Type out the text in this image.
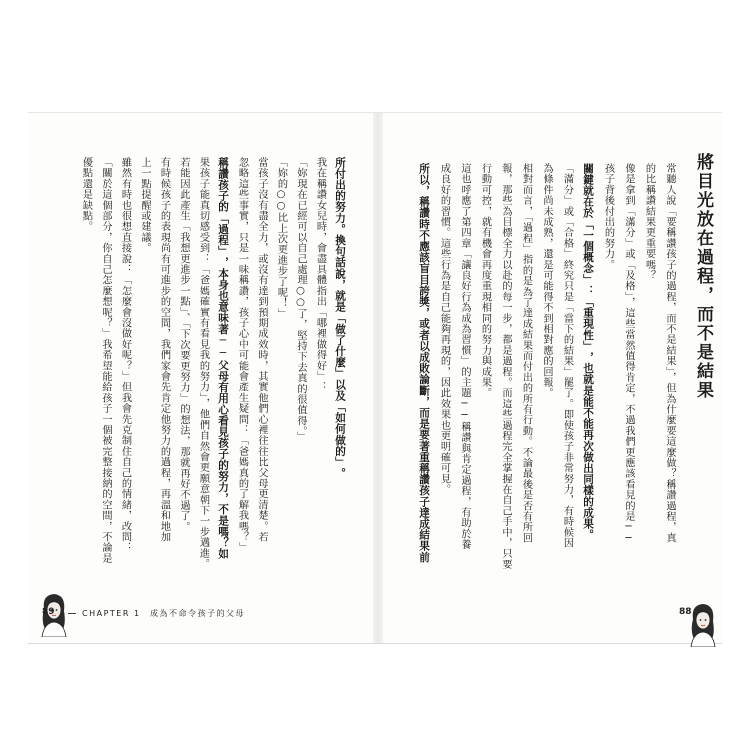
所付出的努力。換句話說，就是「做了什麼」以及「如何做的」。
我在稱讚女兒時，會盡具體指出「哪裡做得好」：
「妳現在已經可以自己處理○○了，堅持下去真的很值得。」
「妳的○○比上次更進步了呢！」
當孩子沒有盡全力，或沒有達到預期成效時，其實他們心裡往往比父母更清楚。若
忽略這些事實，只是一味稱讚，孩子心中可能會產生疑問：「爸媽真的了解我嗎？」
稱讚孩子的「過程」，本身也意味著──父母有用心看見孩子的努力，不是嗎？如
果孩子能真切感受到：「爸媽確實有看見我的努力」，他們自然會更願意朝下一步邁進。
若能因此產生「我想更進步一點」、「下次要更努力」的想法，那就再好不過了。
有時候孩子的表現尚有可進步的空間，我們家會先肯定他努力的過程，再溫和地加
上一點提醒或建議。
雖然有時也很想直接說：「怎麼會沒做好呢？」但我會先克制住自己的情緒，改問：
「關於這個部分，你自己怎麼想呢？」我希望能給孩子一個被完整接納的空間，不論是
優點還是缺點。
89	CHAPTER 1　成為不命令孩子的父母
將目光放在過程，而不是結果
常聽人說「要稱讚孩子的過程，而不是結果」，但為什麼要這麼做？稱讚過程，真
的比稱讚結果更重要嗎？
像是拿到「滿分」或「及格」，這些當然值得肯定，不過我們更應該看見的是──
孩子背後付出的努力。
關鍵就在於「一個概念」：「重現性」，也就是能不能再次做出同樣的成果。
「滿分」或「合格」終究只是「當下的結果」罷了。即使孩子非常努力，有時候因
為條件尚未成熟，還是可能得不到相對應的回報。
相對而言，「過程」指的是為了達成結果而付出的所有行動。不論最後是否有所回
報，那些為目標全力以赴的每一步，都是過程。而這些過程完全掌握在自己手中，只要
行動可控，就有機會再度重現相同的努力與成果。
這也呼應了第四章「讓良好行為成為習慣」的主題──稱讚與肯定過程，有助於養
成良好的習慣。這些行為是自己能夠再現的，因此效果也更明確可見。
所以，稱讚時不應該盲目誇獎，或者以成敗論斷，而是要著重稱讚孩子達成結果前
88
